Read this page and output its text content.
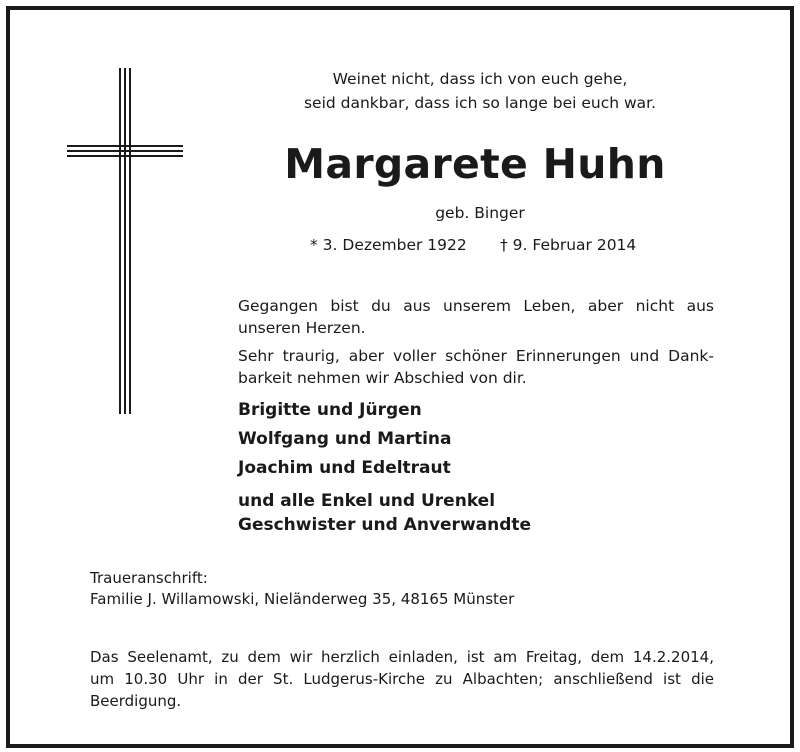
Weinet nicht, dass ich von euch gehe,
seid dankbar, dass ich so lange bei euch war.
Margarete Huhn
geb. Binger
* 3. Dezember 1922 † 9. Februar 2014
Gegangen bist du aus unserem Leben, aber nicht aus
unseren Herzen.
Sehr traurig, aber voller schöner Erinnerungen und Dank-
barkeit nehmen wir Abschied von dir.
Brigitte und Jürgen
Wolfgang und Martina
Joachim und Edeltraut
und alle Enkel und Urenkel
Geschwister und Anverwandte
Traueranschrift:
Familie J. Willamowski, Nieländerweg 35, 48165 Münster
Das Seelenamt, zu dem wir herzlich einladen, ist am Freitag, dem 14.2.2014,
um 10.30 Uhr in der St. Ludgerus-Kirche zu Albachten; anschließend ist die Beerdigung.
